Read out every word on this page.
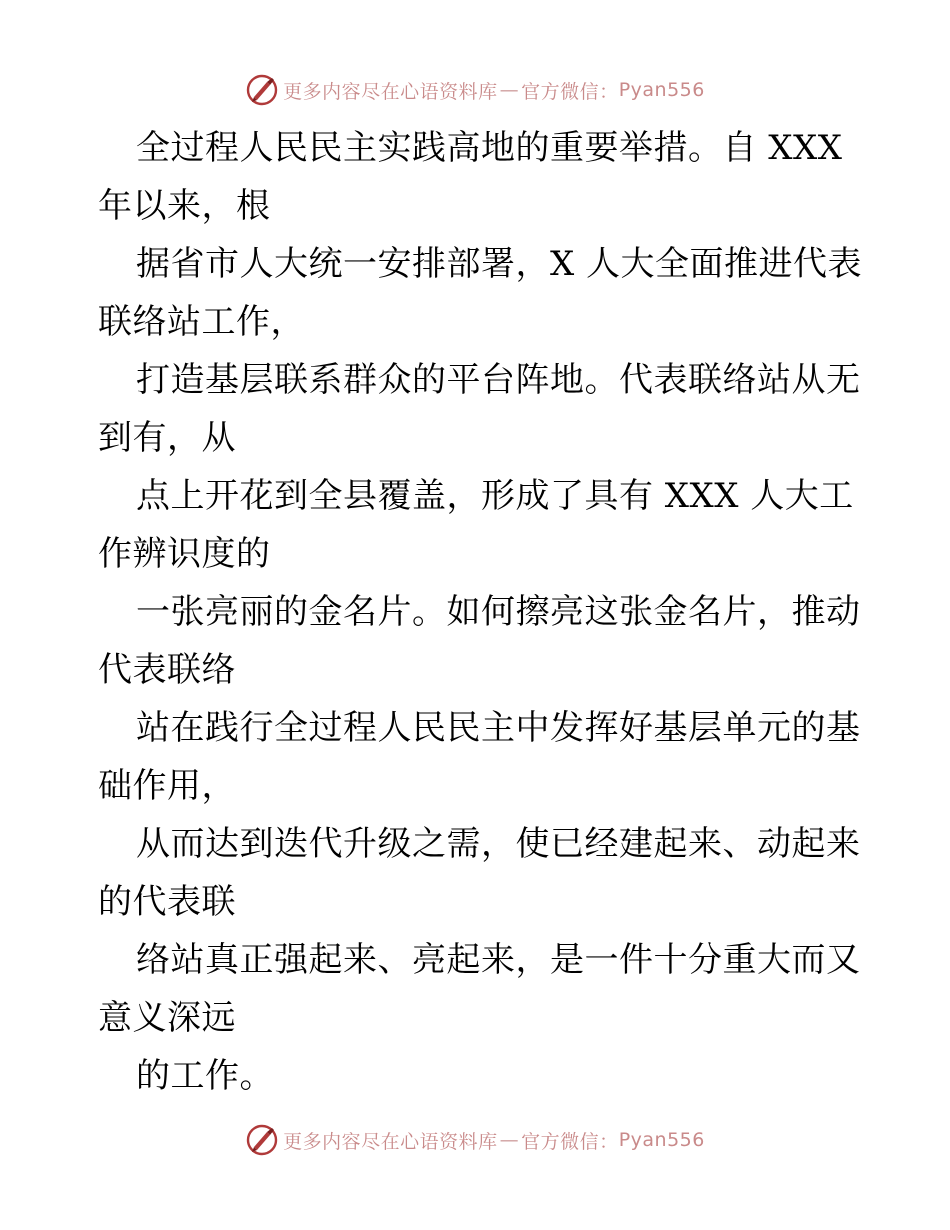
更多内容尽在心语资料库 — 官方微信： Pyan556
全过程人民民主实践高地的重要举措。自 XXX
年以来，根
据省市人大统一安排部署，X 人大全面推进代表
联络站工作，
打造基层联系群众的平台阵地。代表联络站从无
到有，从
点上开花到全县覆盖，形成了具有 XXX 人大工
作辨识度的
一张亮丽的金名片。如何擦亮这张金名片，推动
代表联络
站在践行全过程人民民主中发挥好基层单元的基
础作用，
从而达到迭代升级之需，使已经建起来、动起来
的代表联
络站真正强起来、亮起来，是一件十分重大而又
意义深远
的工作。
更多内容尽在心语资料库 — 官方微信： Pyan556
